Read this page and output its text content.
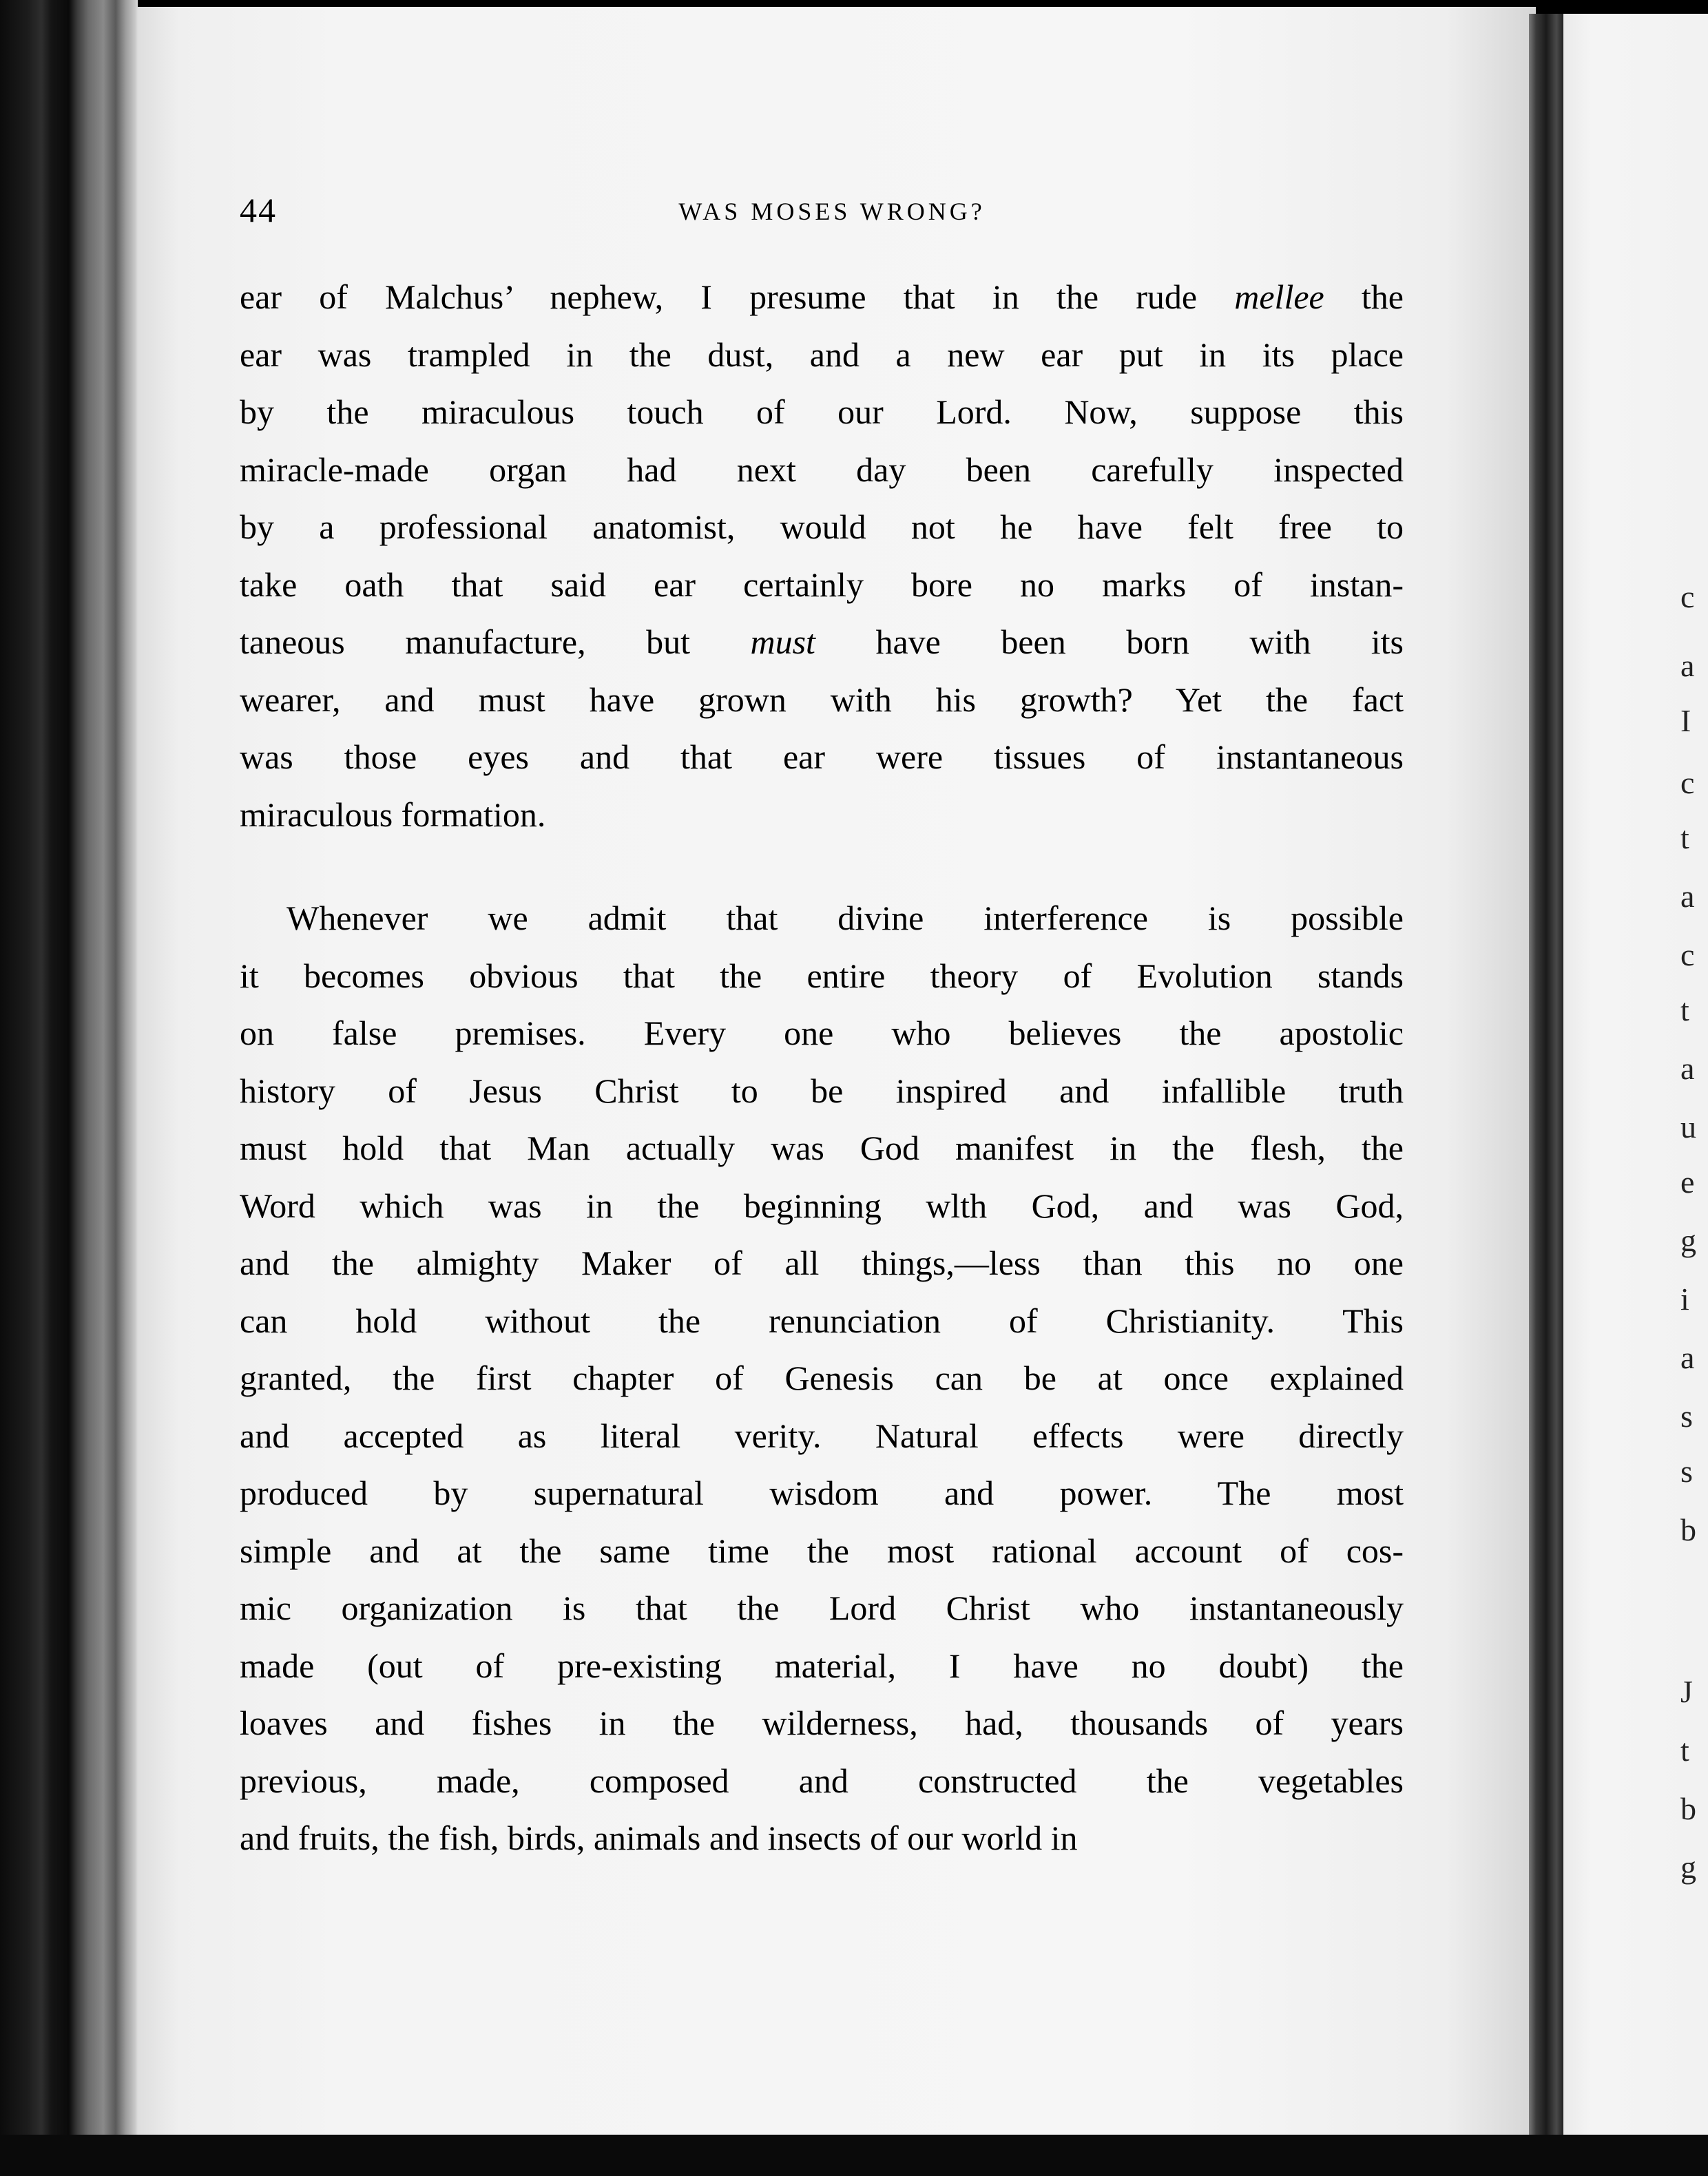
c
a
I
c
t
a
c
t
a
u
e
g
i
a
s
s
b
J
t
b
g
44	WAS MOSES WRONG?
ear of Malchus’ nephew, I presume that in the rude mellee the
ear was trampled in the dust, and a new ear put in its place
by the miraculous touch of our Lord. Now, suppose this
miracle-made organ had next day been carefully inspected
by a professional anatomist, would not he have felt free to
take oath that said ear certainly bore no marks of instan-
taneous manufacture, but must have been born with its
wearer, and must have grown with his growth? Yet the fact
was those eyes and that ear were tissues of instantaneous
miraculous formation.
Whenever we admit that divine interference is possible
it becomes obvious that the entire theory of Evolution stands
on false premises. Every one who believes the apostolic
history of Jesus Christ to be inspired and infallible truth
must hold that Man actually was God manifest in the flesh, the
Word which was in the beginning wlth God, and was God,
and the almighty Maker of all things,—less than this no one
can hold without the renunciation of Christianity. This
granted, the first chapter of Genesis can be at once explained
and accepted as literal verity. Natural effects were directly
produced by supernatural wisdom and power. The most
simple and at the same time the most rational account of cos-
mic organization is that the Lord Christ who instantaneously
made (out of pre-existing material, I have no doubt) the
loaves and fishes in the wilderness, had, thousands of years
previous, made, composed and constructed the vegetables
and fruits, the fish, birds, animals and insects of our world in
